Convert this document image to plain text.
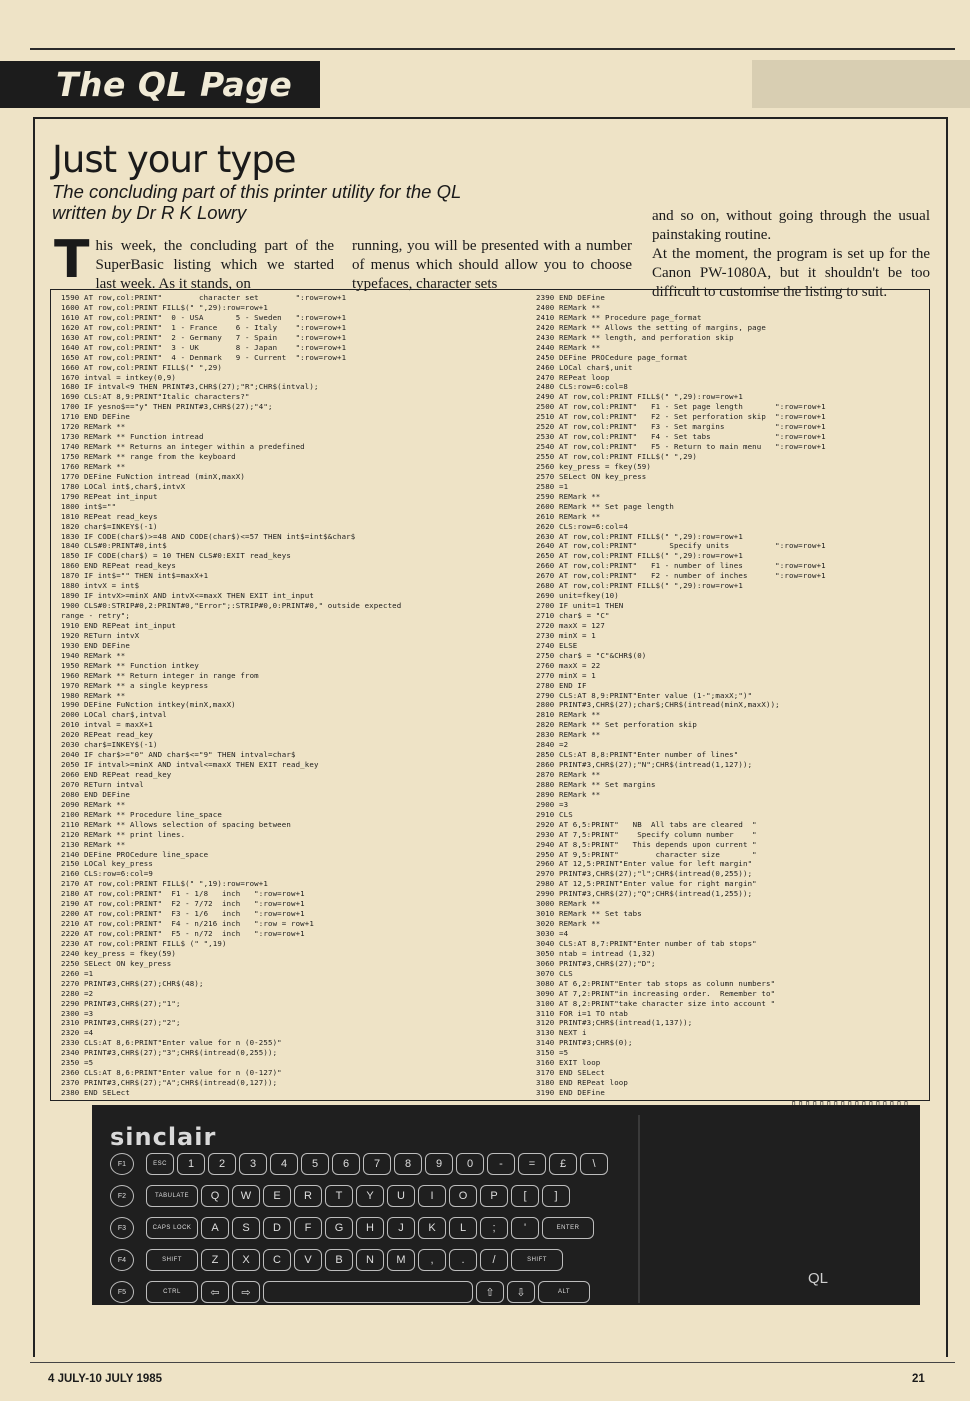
The QL Page
Just your type

The concluding part of this printer utility for the QL written by Dr R K Lowry

T his week, the concluding part of the SuperBasic listing which we started last week. As it stands, on
running, you will be presented with a number of menus which should allow you to choose typefaces, character sets

and so on, without going through the usual painstaking routine.
At the moment, the program is set up for the Canon PW-1080A, but it shouldn't be too difficult to customise the listing to suit.

1590 AT row,col:PRINT"        character set        ":row=row+1
1600 AT row,col:PRINT FILL$(" ",29):row=row+1
1610 AT row,col:PRINT"  0 - USA       5 - Sweden   ":row=row+1
1620 AT row,col:PRINT"  1 - France    6 - Italy    ":row=row+1
1630 AT row,col:PRINT"  2 - Germany   7 - Spain    ":row=row+1
1640 AT row,col:PRINT"  3 - UK        8 - Japan    ":row=row+1
1650 AT row,col:PRINT"  4 - Denmark   9 - Current  ":row=row+1
1660 AT row,col:PRINT FILL$(" ",29)
1670 intval = intkey(0,9)
1680 IF intval<9 THEN PRINT#3,CHR$(27);"R";CHR$(intval);
1690 CLS:AT 8,9:PRINT"Italic characters?"
1700 IF yesno$=="y" THEN PRINT#3,CHR$(27);"4";
1710 END DEFine
1720 REMark **
1730 REMark ** Function intread
1740 REMark ** Returns an integer within a predefined
1750 REMark ** range from the keyboard
1760 REMark **
1770 DEFine FuNction intread (minX,maxX)
1780 LOCal int$,char$,intvX
1790 REPeat int_input
1800 int$=""
1810 REPeat read_keys
1820 char$=INKEY$(-1)
1830 IF CODE(char$)>=48 AND CODE(char$)<=57 THEN int$=int$&char$
1840 CLS#0:PRINT#0,int$
1850 IF CODE(char$) = 10 THEN CLS#0:EXIT read_keys
1860 END REPeat read_keys
1870 IF int$="" THEN int$=maxX+1
1880 intvX = int$
1890 IF intvX>=minX AND intvX<=maxX THEN EXIT int_input
1900 CLS#0:STRIP#0,2:PRINT#0,"Error";:STRIP#0,0:PRINT#0," outside expected
range - retry";
1910 END REPeat int_input
1920 RETurn intvX
1930 END DEFine
1940 REMark **
1950 REMark ** Function intkey
1960 REMark ** Return integer in range from
1970 REMark ** a single keypress
1980 REMark **
1990 DEFine FuNction intkey(minX,maxX)
2000 LOCal char$,intval
2010 intval = maxX+1
2020 REPeat read_key
2030 char$=INKEY$(-1)
2040 IF char$>="0" AND char$<="9" THEN intval=char$
2050 IF intval>=minX AND intval<=maxX THEN EXIT read_key
2060 END REPeat read_key
2070 RETurn intval
2080 END DEFine
2090 REMark **
2100 REMark ** Procedure line_space
2110 REMark ** Allows selection of spacing between
2120 REMark ** print lines.
2130 REMark **
2140 DEFine PROCedure line_space
2150 LOCal key_press
2160 CLS:row=6:col=9
2170 AT row,col:PRINT FILL$(" ",19):row=row+1
2180 AT row,col:PRINT"  F1 - 1/8   inch   ":row=row+1
2190 AT row,col:PRINT"  F2 - 7/72  inch   ":row=row+1
2200 AT row,col:PRINT"  F3 - 1/6   inch   ":row=row+1
2210 AT row,col:PRINT"  F4 - n/216 inch   ":row = row+1
2220 AT row,col:PRINT"  F5 - n/72  inch   ":row=row+1
2230 AT row,col:PRINT FILL$ (" ",19)
2240 key_press = fkey(59)
2250 SELect ON key_press
2260 =1
2270 PRINT#3,CHR$(27);CHR$(48);
2280 =2
2290 PRINT#3,CHR$(27);"1";
2300 =3
2310 PRINT#3,CHR$(27);"2";
2320 =4
2330 CLS:AT 8,6:PRINT"Enter value for n (0-255)"
2340 PRINT#3,CHR$(27);"3";CHR$(intread(0,255));
2350 =5
2360 CLS:AT 8,6:PRINT"Enter value for n (0-127)"
2370 PRINT#3,CHR$(27);"A";CHR$(intread(0,127));
2380 END SELect
2390 END DEFine
2400 REMark **
2410 REMark ** Procedure page_format
2420 REMark ** Allows the setting of margins, page
2430 REMark ** length, and perforation skip
2440 REMark **
2450 DEFine PROCedure page_format
2460 LOCal char$,unit
2470 REPeat loop
2480 CLS:row=6:col=8
2490 AT row,col:PRINT FILL$(" ",29):row=row+1
2500 AT row,col:PRINT"   F1 - Set page length       ":row=row+1
2510 AT row,col:PRINT"   F2 - Set perforation skip  ":row=row+1
2520 AT row,col:PRINT"   F3 - Set margins           ":row=row+1
2530 AT row,col:PRINT"   F4 - Set tabs              ":row=row+1
2540 AT row,col:PRINT"   F5 - Return to main menu   ":row=row+1
2550 AT row,col:PRINT FILL$(" ",29)
2560 key_press = fkey(59)
2570 SELect ON key_press
2580 =1
2590 REMark **
2600 REMark ** Set page length
2610 REMark **
2620 CLS:row=6:col=4
2630 AT row,col:PRINT FILL$(" ",29):row=row+1
2640 AT row,col:PRINT"       Specify units          ":row=row+1
2650 AT row,col:PRINT FILL$(" ",29):row=row+1
2660 AT row,col:PRINT"   F1 - number of lines       ":row=row+1
2670 AT row,col:PRINT"   F2 - number of inches      ":row=row+1
2680 AT row,col:PRINT FILL$(" ",29):row=row+1
2690 unit=fkey(10)
2700 IF unit=1 THEN
2710 char$ = "C"
2720 maxX = 127
2730 minX = 1
2740 ELSE
2750 char$ = "C"&CHR$(0)
2760 maxX = 22
2770 minX = 1
2780 END IF
2790 CLS:AT 8,9:PRINT"Enter value (1-";maxX;")"
2800 PRINT#3,CHR$(27);char$;CHR$(intread(minX,maxX));
2810 REMark **
2820 REMark ** Set perforation skip
2830 REMark **
2840 =2
2850 CLS:AT 8,8:PRINT"Enter number of lines"
2860 PRINT#3,CHR$(27);"N";CHR$(intread(1,127));
2870 REMark **
2880 REMark ** Set margins
2890 REMark **
2900 =3
2910 CLS
2920 AT 6,5:PRINT"   NB  All tabs are cleared  "
2930 AT 7,5:PRINT"    Specify column number    "
2940 AT 8,5:PRINT"   This depends upon current "
2950 AT 9,5:PRINT"        character size       "
2960 AT 12,5:PRINT"Enter value for left margin"
2970 PRINT#3,CHR$(27);"l";CHR$(intread(0,255));
2980 AT 12,5:PRINT"Enter value for right margin"
2990 PRINT#3,CHR$(27);"Q";CHR$(intread(1,255));
3000 REMark **
3010 REMark ** Set tabs
3020 REMark **
3030 =4
3040 CLS:AT 8,7:PRINT"Enter number of tab stops"
3050 ntab = intread (1,32)
3060 PRINT#3,CHR$(27);"D";
3070 CLS
3080 AT 6,2:PRINT"Enter tab stops as column numbers"
3090 AT 7,2:PRINT"in increasing order.  Remember to"
3100 AT 8,2:PRINT"take character size into account "
3110 FOR i=1 TO ntab
3120 PRINT#3;CHR$(intread(1,137));
3130 NEXT i
3140 PRINT#3;CHR$(0);
3150 =5
3160 EXIT loop
3170 END SELect
3180 END REPeat loop
3190 END DEFine
▯▯▯▯▯▯▯▯▯▯▯▯▯▯▯▯▯
sinclair
F1	ESC	1	2	3	4	5	6	7	8	9	0	-	=	£	\
F2	TABULATE	Q	W	E	R	T	Y	U	I	O	P	[	]
F3	CAPS LOCK	A	S	D	F	G	H	J	K	L	;	'	ENTER
F4	SHIFT	Z	X	C	V	B	N	M	,	.	/	SHIFT
F5	CTRL	⇦	⇨	⇧	⇩	ALT
QL
4 JULY-10 JULY 1985	21
